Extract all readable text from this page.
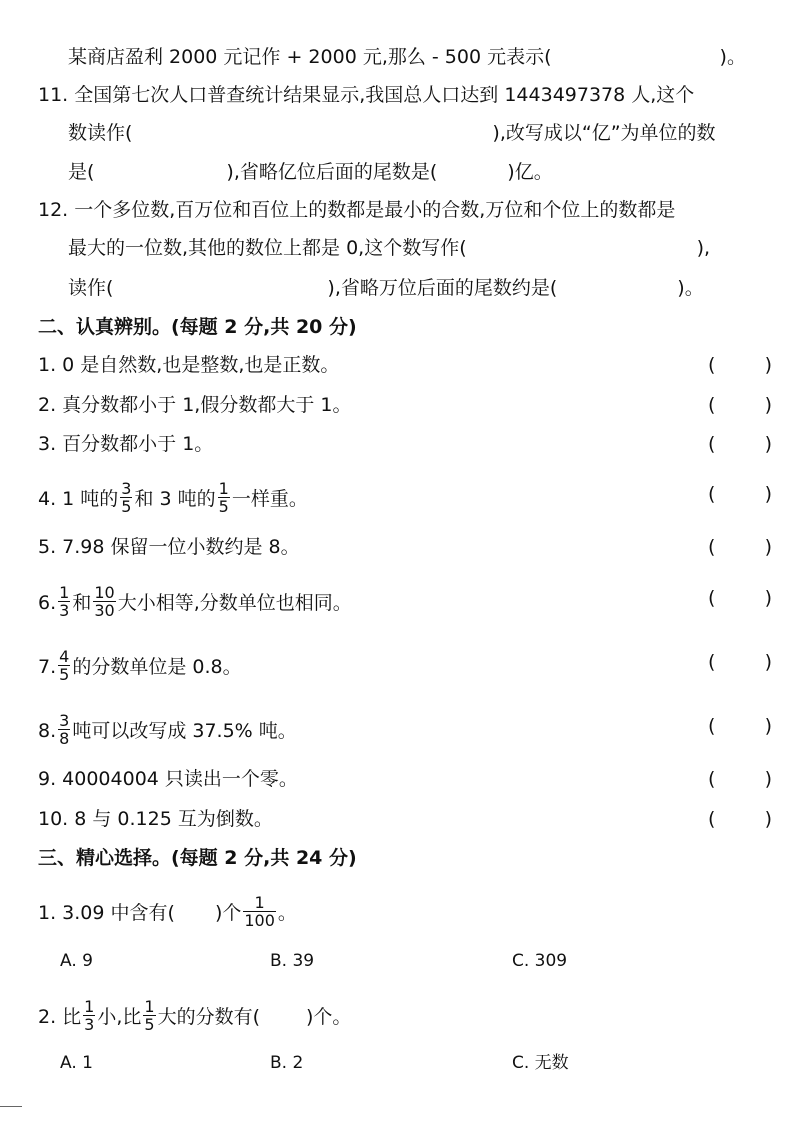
某商店盈利 2000 元记作 + 2000 元,那么 - 500 元表示(	)。
11. 全国第七次人口普查统计结果显示,我国总人口达到 1443497378 人,这个
数读作(	),改写成以“亿”为单位的数
是(	),省略亿位后面的尾数是(	)亿。
12. 一个多位数,百万位和百位上的数都是最小的合数,万位和个位上的数都是
最大的一位数,其他的数位上都是 0,这个数写作(	),
读作(	),省略万位后面的尾数约是(	)。
二、认真辨别。(每题 2 分,共 20 分)
1. 0 是自然数,也是整数,也是正数。	(	)
2. 真分数都小于 1,假分数都大于 1。	(	)
3. 百分数都小于 1。	(	)
4. 1 吨的 $\frac{3}{5}$ 和 3 吨的 $\frac{1}{5}$ 一样重。	(	)
5. 7.98 保留一位小数约是 8。	(	)
6. $\frac{1}{3}$ 和 $\frac{10}{30}$ 大小相等,分数单位也相同。	(	)
7. $\frac{4}{5}$ 的分数单位是 0.8。	(	)
8. $\frac{3}{8}$ 吨可以改写成 37.5% 吨。	(	)
9. 40004004 只读出一个零。	(	)
10. 8 与 0.125 互为倒数。	(	)
三、精心选择。(每题 2 分,共 24 分)
1. 3.09 中含有( )个 $\frac{1}{100}$ 。
A. 9	B. 39	C. 309
2. 比 $\frac{1}{3}$ 小,比 $\frac{1}{5}$ 大的分数有( )个。
A. 1	B. 2	C. 无数
